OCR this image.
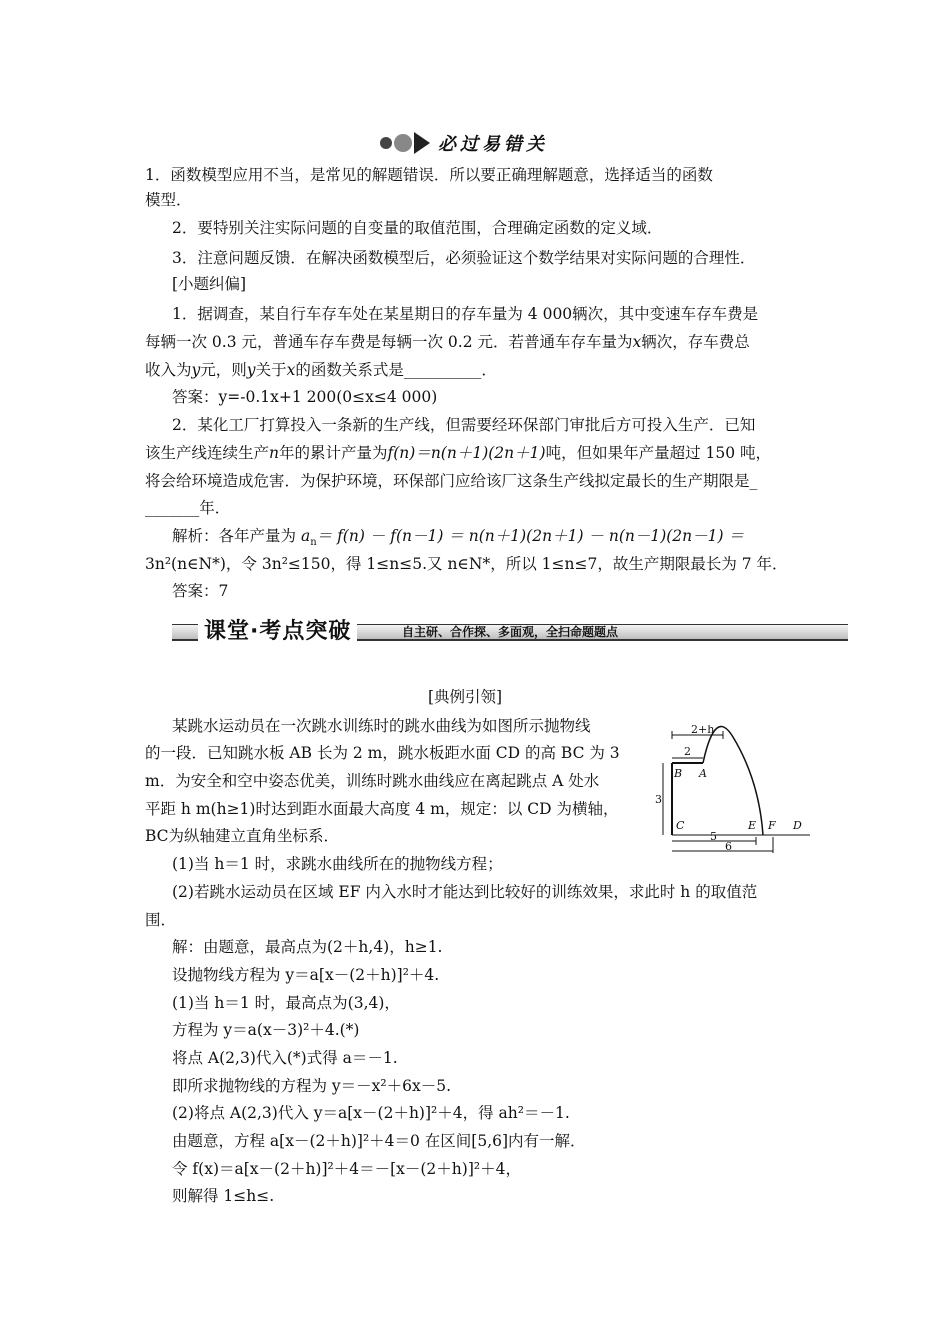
必过易错关
1．函数模型应用不当，是常见的解题错误．所以要正确理解题意，选择适当的函数
模型．
2．要特别关注实际问题的自变量的取值范围，合理确定函数的定义域．
3．注意问题反馈．在解决函数模型后，必须验证这个数学结果对实际问题的合理性．
[小题纠偏]
1．据调查，某自行车存车处在某星期日的存车量为 4 000辆次，其中变速车存车费是
每辆一次 0.3 元，普通车存车费是每辆一次 0.2 元．若普通车存车量为x辆次，存车费总
收入为y元，则y关于x的函数关系式是__________．
答案：y=-0.1x+1 200(0≤x≤4 000)
2．某化工厂打算投入一条新的生产线，但需要经环保部门审批后方可投入生产．已知
该生产线连续生产n年的累计产量为f(n)＝n(n＋1)(2n＋1)吨，但如果年产量超过 150 吨，
将会给环境造成危害．为保护环境，环保部门应给该厂这条生产线拟定最长的生产期限是_
_______年．
解析：各年产量为 $a_n= f(n) - f(n-1) = n(n+1)(2n+1) - n(n-1)(2n-1)$ ＝
3n²(n∈N*)，令 3n²≤150，得 1≤n≤5.又 n∈N*，所以 1≤n≤7，故生产期限最长为 7 年．
答案：7
课堂·考点突破	自主研、合作探、多面观，全扫命题题点
[典例引领]
某跳水运动员在一次跳水训练时的跳水曲线为如图所示抛物线
的一段．已知跳水板 AB 长为 2 m，跳水板距水面 CD 的高 BC 为 3
m．为安全和空中姿态优美，训练时跳水曲线应在离起跳点 A 处水
平距 h m(h≥1)时达到距水面最大高度 4 m，规定：以 CD 为横轴，
BC为纵轴建立直角坐标系．
(1)当 h＝1 时，求跳水曲线所在的抛物线方程；
(2)若跳水运动员在区域 EF 内入水时才能达到比较好的训练效果，求此时 h 的取值范
围．
解：由题意，最高点为(2＋h,4)，h≥1.
设抛物线方程为 y＝a[x－(2＋h)]²＋4.
(1)当 h＝1 时，最高点为(3,4)，
方程为 y＝a(x－3)²＋4.(*)
将点 A(2,3)代入(*)式得 a＝－1.
即所求抛物线的方程为 y＝－x²＋6x－5.
(2)将点 A(2,3)代入 y＝a[x－(2＋h)]²＋4，得 ah²＝－1.
由题意，方程 a[x－(2＋h)]²＋4＝0 在区间[5,6]内有一解．
令 f(x)＝a[x－(2＋h)]²＋4＝－[x－(2＋h)]²＋4，
则解得 1≤h≤.
2+h
2
B A
3
C	E F D
5
6
